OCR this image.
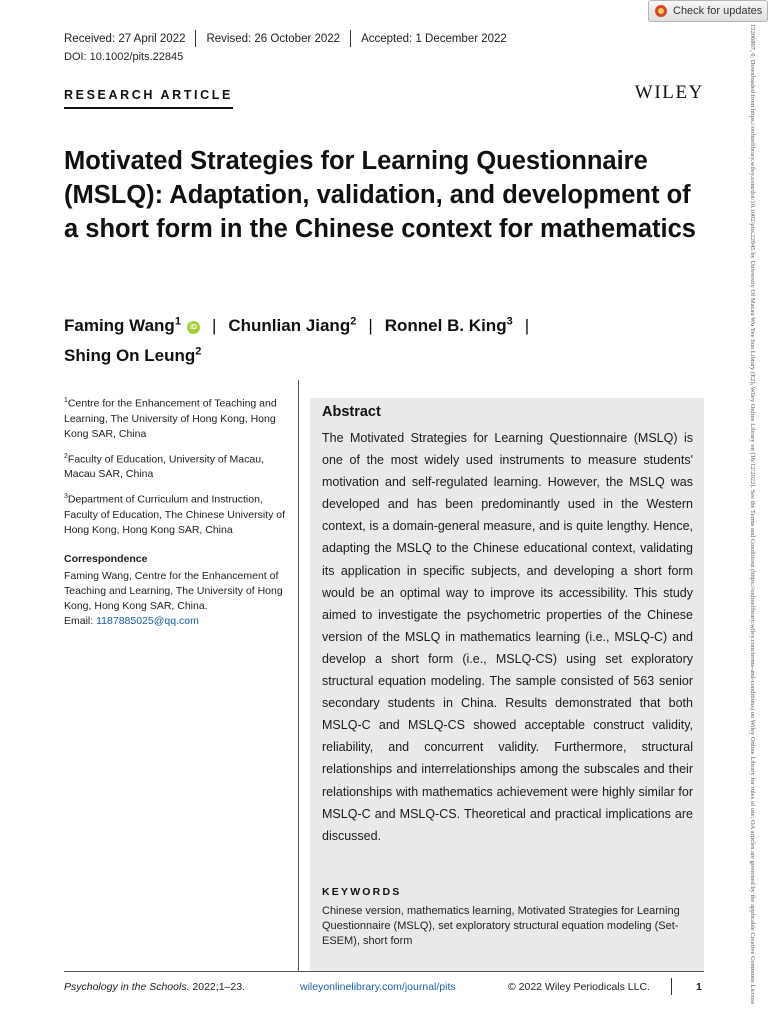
Check for updates
Received: 27 April 2022 Revised: 26 October 2022 Accepted: 1 December 2022
DOI: 10.1002/pits.22845
RESEARCH ARTICLE	WILEY
Motivated Strategies for Learning Questionnaire (MSLQ): Adaptation, validation, and development of a short form in the Chinese context for mathematics
Faming Wang$^1$iD | Chunlian Jiang$^2$ | Ronnel B. King$^3$ |
Shing On Leung$^2$

$^1$Centre for the Enhancement of Teaching and Learning, The University of Hong Kong, Hong Kong SAR, China

$^2$Faculty of Education, University of Macau, Macau SAR, China

$^3$Department of Curriculum and Instruction, Faculty of Education, The Chinese University of Hong Kong, Hong Kong SAR, China

Correspondence
Faming Wang, Centre for the Enhancement of Teaching and Learning, The University of Hong Kong, Hong Kong SAR, China.
Email: 1187885025@qq.com
Abstract

The Motivated Strategies for Learning Questionnaire (MSLQ) is one of the most widely used instruments to measure students' motivation and self-regulated learning. However, the MSLQ was developed and has been predominantly used in the Western context, is a domain-general measure, and is quite lengthy. Hence, adapting the MSLQ to the Chinese educational context, validating its application in specific subjects, and developing a short form would be an optimal way to improve its accessibility. This study aimed to investigate the psychometric properties of the Chinese version of the MSLQ in mathematics learning (i.e., MSLQ-C) and develop a short form (i.e., MSLQ-CS) using set exploratory structural equation modeling. The sample consisted of 563 senior secondary students in China. Results demonstrated that both MSLQ-C and MSLQ-CS showed acceptable construct validity, reliability, and concurrent validity. Furthermore, structural relationships and interrelationships among the subscales and their relationships with mathematics achievement were highly similar for MSLQ-C and MSLQ-CS. Theoretical and practical implications are discussed.

KEYWORDS
Chinese version, mathematics learning, Motivated Strategies for Learning Questionnaire (MSLQ), set exploratory structural equation modeling (Set-ESEM), short form
Psychology in the Schools. 2022;1–23.	wileyonlinelibrary.com/journal/pits	© 2022 Wiley Periodicals LLC.	1	15206807, 0, Downloaded from https://onlinelibrary.wiley.com/doi/10.1002/pits.22845 by University Of Macau Wu Yee Sun Library (E2), Wiley Online Library on [16/12/2022]. See the Terms and Conditions (https://onlinelibrary.wiley.com/terms-and-conditions) on Wiley Online Library for rules of use; OA articles are governed by the applicable Creative Commons License
